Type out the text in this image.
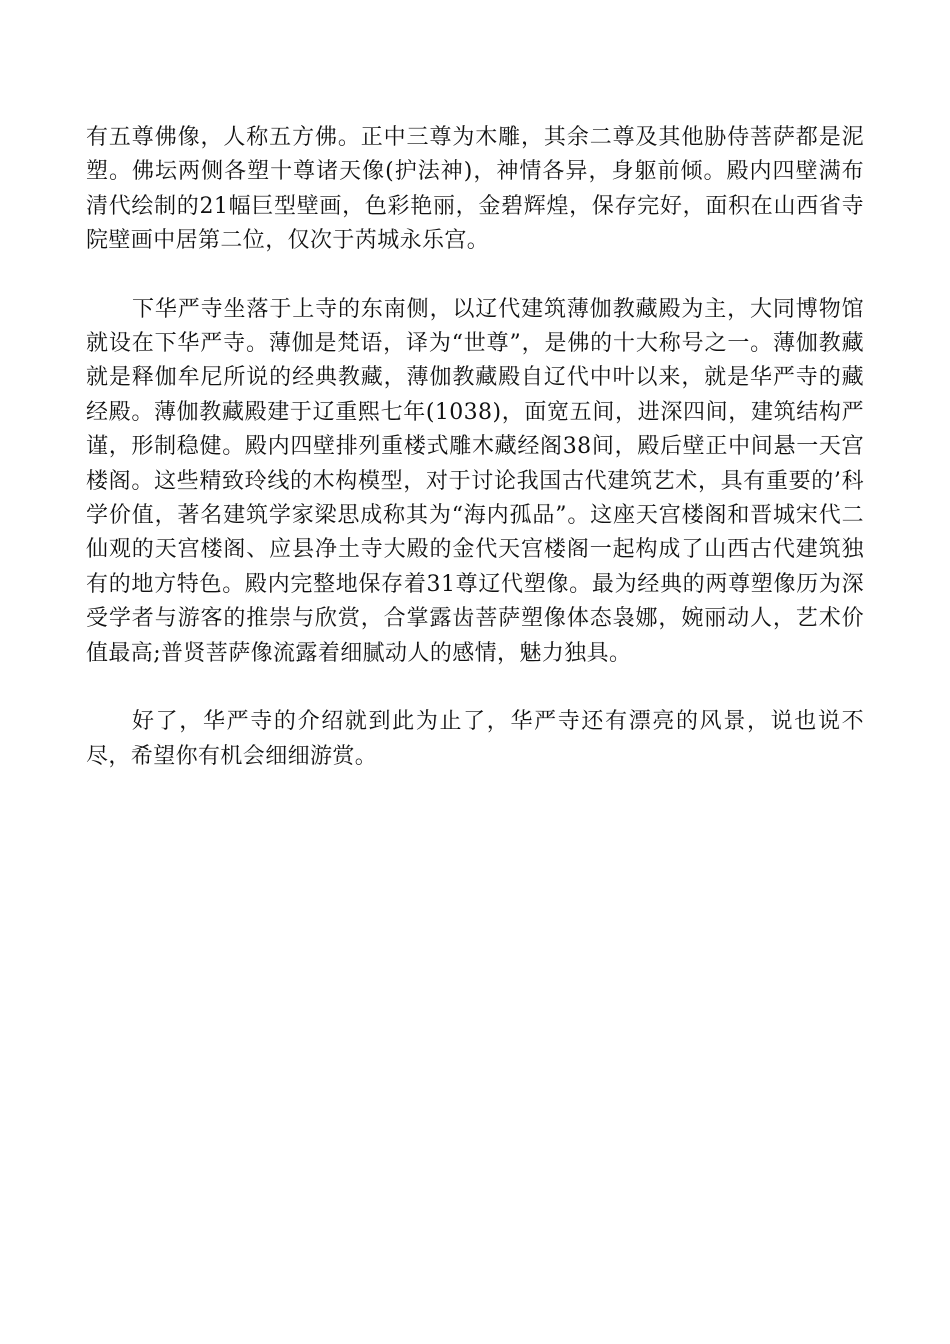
有五尊佛像，人称五方佛。正中三尊为木雕，其余二尊及其他胁侍菩萨都是泥塑。佛坛两侧各塑十尊诸天像(护法神)，神情各异，身躯前倾。殿内四壁满布清代绘制的21幅巨型壁画，色彩艳丽，金碧辉煌，保存完好，面积在山西省寺院壁画中居第二位，仅次于芮城永乐宫。

下华严寺坐落于上寺的东南侧，以辽代建筑薄伽教藏殿为主，大同博物馆就设在下华严寺。薄伽是梵语，译为“世尊”，是佛的十大称号之一。薄伽教藏就是释伽牟尼所说的经典教藏，薄伽教藏殿自辽代中叶以来，就是华严寺的藏经殿。薄伽教藏殿建于辽重熙七年(1038)，面宽五间，进深四间，建筑结构严谨，形制稳健。殿内四壁排列重楼式雕木藏经阁38间，殿后壁正中间悬一天宫楼阁。这些精致玲线的木构模型，对于讨论我国古代建筑艺术，具有重要的’科学价值，著名建筑学家梁思成称其为“海内孤品”。这座天宫楼阁和晋城宋代二仙观的天宫楼阁、应县净土寺大殿的金代天宫楼阁一起构成了山西古代建筑独有的地方特色。殿内完整地保存着31尊辽代塑像。最为经典的两尊塑像历为深受学者与游客的推崇与欣赏，合掌露齿菩萨塑像体态袅娜，婉丽动人，艺术价值最高;普贤菩萨像流露着细腻动人的感情，魅力独具。

好了，华严寺的介绍就到此为止了，华严寺还有漂亮的风景，说也说不尽，希望你有机会细细游赏。
